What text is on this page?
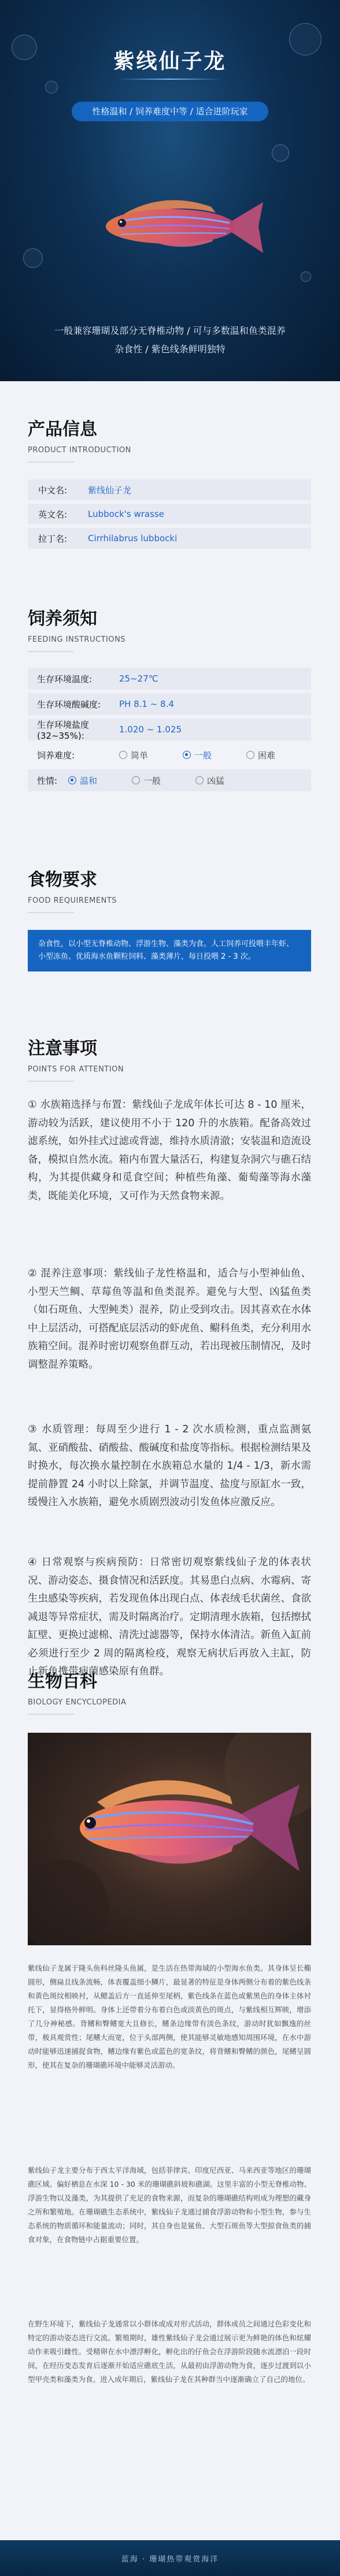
紫线仙子龙
性格温和 / 饲养难度中等 / 适合进阶玩家
一般兼容珊瑚及部分无脊椎动物 / 可与多数温和鱼类混养
杂食性 / 紫色线条鲜明独特
产品信息
PRODUCT INTRODUCTION
中文名:	紫线仙子龙
英文名:	Lubbock's wrasse
拉丁名:	Cirrhilabrus lubbocki
饲养须知
FEEDING INSTRUCTIONS
生存环境温度:	25~27℃
生存环境酸碱度:	PH 8.1 ~ 8.4
生存环境盐度(32~35%):
1.020 ~ 1.025
饲养难度:	简单	一般	困难
性情:	温和	一般	凶猛
食物要求
FOOD REQUIREMENTS
杂食性，以小型无脊椎动物、浮游生物、藻类为食。人工饲养可投喂丰年虾、小型冻鱼、优质海水鱼颗粒饲料、藻类薄片，每日投喂 2 - 3 次。
注意事项
POINTS FOR ATTENTION
① 水族箱选择与布置：紫线仙子龙成年体长可达 8 - 10 厘米，游动较为活跃，建议使用不小于 120 升的水族箱。配备高效过滤系统，如外挂式过滤或背滤，维持水质清澈；安装温和造流设备，模拟自然水流。箱内布置大量活石，构建复杂洞穴与礁石结构，为其提供藏身和觅食空间；种植些角藻、葡萄藻等海水藻类，既能美化环境，又可作为天然食物来源。
② 混养注意事项：紫线仙子龙性格温和，适合与小型神仙鱼、小型天竺鲷、草莓鱼等温和鱼类混养。避免与大型、凶猛鱼类（如石斑鱼、大型鲀类）混养，防止受到攻击。因其喜欢在水体中上层活动，可搭配底层活动的虾虎鱼、鳚科鱼类，充分利用水族箱空间。混养时密切观察鱼群互动，若出现被压制情况，及时调整混养策略。
③ 水质管理：每周至少进行 1 - 2 次水质检测，重点监测氨氮、亚硝酸盐、硝酸盐、酸碱度和盐度等指标。根据检测结果及时换水，每次换水量控制在水族箱总水量的 1/4 - 1/3，新水需提前静置 24 小时以上除氯，并调节温度、盐度与原缸水一致，缓慢注入水族箱，避免水质剧烈波动引发鱼体应激反应。
④ 日常观察与疾病预防：日常密切观察紫线仙子龙的体表状况、游动姿态、摄食情况和活跃度。其易患白点病、水霉病、寄生虫感染等疾病，若发现鱼体出现白点、体表绒毛状菌丝、食欲减退等异常症状，需及时隔离治疗。定期清理水族箱，包括擦拭缸壁、更换过滤棉、清洗过滤器等，保持水体清洁。新鱼入缸前必须进行至少 2 周的隔离检疫，观察无病状后再放入主缸，防止新鱼携带病菌感染原有鱼群。
生物百科
BIOLOGY ENCYCLOPEDIA
紫线仙子龙属于隆头鱼科丝隆头鱼属，是生活在热带海域的小型海水鱼类。其身体呈长椭圆形，侧扁且线条流畅，体表覆盖细小鳞片，最显著的特征是身体两侧分布着的紫色线条和黄色斑纹相映衬，从鳃盖后方一直延伸至尾柄，紫色线条在蓝色或紫黑色的身体主体衬托下，显得格外鲜明。身体上还带着分布着白色或淡黄色的斑点，与紫线相互辉映，增添了几分神秘感。背鳍和臀鳍宽大且修长，鳍条边缘带有淡色条纹，游动时犹如飘逸的丝带，极具观赏性；尾鳍大而宽，位于头部两侧，使其能够灵敏地感知周围环境，在水中游动时能够迅速捕捉食物，鳍边缘有紫色或蓝色的宽条纹，将背鳍和臀鳍的颜色，尾鳍呈圆形，使其在复杂的珊瑚礁环境中能够灵活游动。
紫线仙子龙主要分布于西太平洋海域，包括菲律宾、印度尼西亚、马来西亚等地区的珊瑚礁区域。偏好栖息在水深 10 - 30 米的珊瑚礁斜坡和礁湖。这里丰富的小型无脊椎动物、浮游生物以及藻类，为其提供了充足的食物来源，而复杂的珊瑚礁结构则成为理想的藏身之所和繁殖地。在珊瑚礁生态系统中，紫线仙子龙通过捕食浮游动物和小型生物，参与生态系统的物质循环和能量流动；同时，其自身也是鲨鱼、大型石斑鱼等大型掠食鱼类的捕食对象，在食物链中占据重要位置。
在野生环境下，紫线仙子龙通常以小群体或成对形式活动，群体成员之间通过色彩变化和特定的游动姿态进行交流。繁殖期时，雄性紫线仙子龙会通过展示更为鲜艳的体色和炫耀动作来吸引雌性。受精卵在水中漂浮孵化，孵化出的仔鱼会在浮游阶段随水流漂泊一段时间，在经历变态发育后逐渐开始适应礁底生活，从最初由浮游动物为食，逐步过渡到以小型甲壳类和藻类为食。进入成年期后，紫线仙子龙在其种群当中逐渐确立了自己的地位。
蓝海 · 珊瑚热带观赏海洋
